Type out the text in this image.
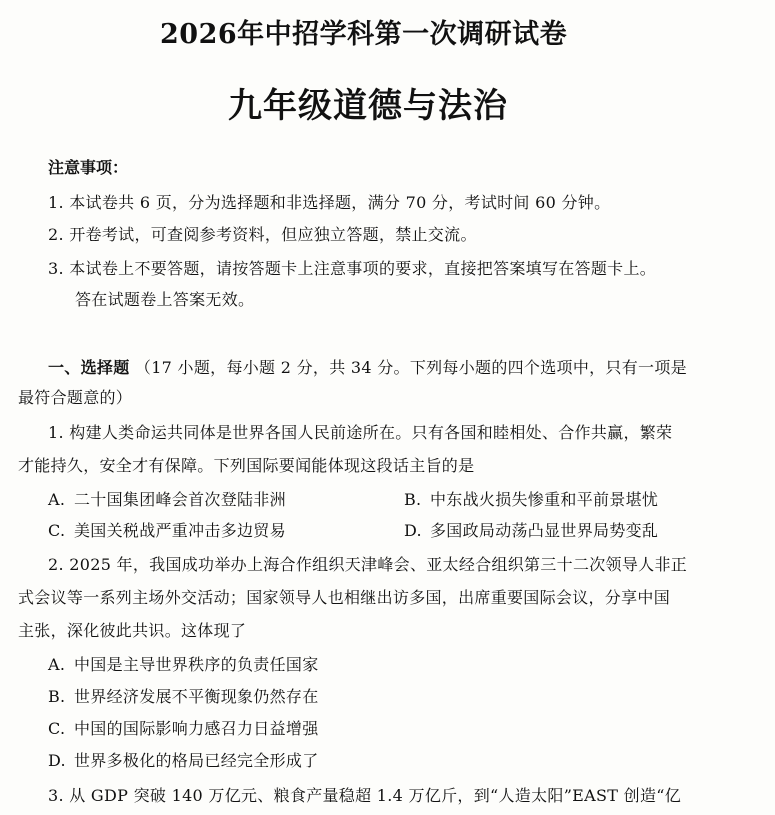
2026年中招学科第一次调研试卷
九年级道德与法治
注意事项：
1. 本试卷共 6 页，分为选择题和非选择题，满分 70 分，考试时间 60 分钟。
2. 开卷考试，可查阅参考资料，但应独立答题，禁止交流。
3. 本试卷上不要答题，请按答题卡上注意事项的要求，直接把答案填写在答题卡上。
答在试题卷上答案无效。
一、选择题 （17 小题，每小题 2 分，共 34 分。下列每小题的四个选项中，只有一项是
最符合题意的）
1. 构建人类命运共同体是世界各国人民前途所在。只有各国和睦相处、合作共赢，繁荣
才能持久，安全才有保障。下列国际要闻能体现这段话主旨的是
A. 二十国集团峰会首次登陆非洲	B. 中东战火损失惨重和平前景堪忧
C. 美国关税战严重冲击多边贸易	D. 多国政局动荡凸显世界局势变乱
2. 2025 年，我国成功举办上海合作组织天津峰会、亚太经合组织第三十二次领导人非正
式会议等一系列主场外交活动；国家领导人也相继出访多国，出席重要国际会议，分享中国
主张，深化彼此共识。这体现了
A. 中国是主导世界秩序的负责任国家
B. 世界经济发展不平衡现象仍然存在
C. 中国的国际影响力感召力日益增强
D. 世界多极化的格局已经完全形成了
3. 从 GDP 突破 140 万亿元、粮食产量稳超 1.4 万亿斤，到“人造太阳”EAST 创造“亿
